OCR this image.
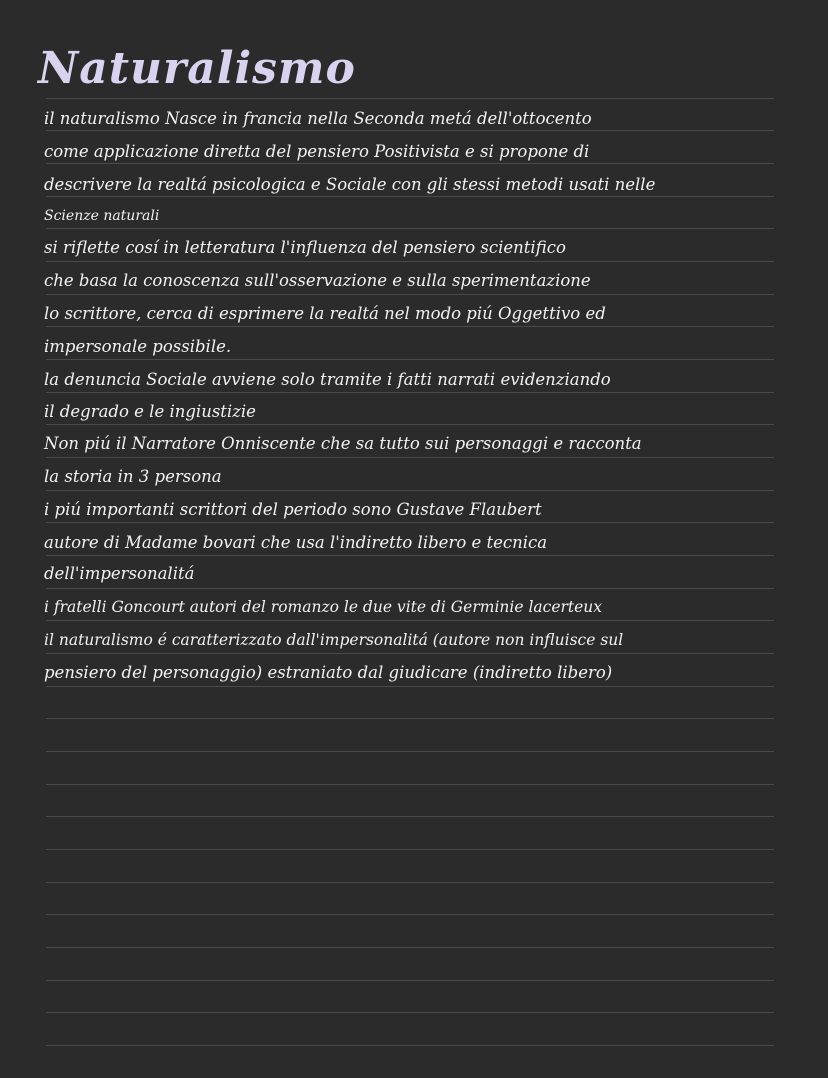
Naturalismo

il naturalismo Nasce in francia nella Seconda metá dell'ottocento

come applicazione diretta del pensiero Positivista e si propone di

descrivere la realtá psicologica e Sociale con gli stessi metodi usati nelle

Scienze naturali

si riflette cosí in letteratura l'influenza del pensiero scientifico

che basa la conoscenza sull'osservazione e sulla sperimentazione

lo scrittore, cerca di esprimere la realtá nel modo piú Oggettivo ed

impersonale possibile.

la denuncia Sociale avviene solo tramite i fatti narrati evidenziando

il degrado e le ingiustizie

Non piú il Narratore Onniscente che sa tutto sui personaggi e racconta

la storia in 3 persona

i piú importanti scrittori del periodo sono Gustave Flaubert

autore di Madame bovari che usa l'indiretto libero e tecnica

dell'impersonalitá

i fratelli Goncourt autori del romanzo le due vite di Germinie lacerteux

il naturalismo é caratterizzato dall'impersonalitá (autore non influisce sul

pensiero del personaggio) estraniato dal giudicare (indiretto libero)
